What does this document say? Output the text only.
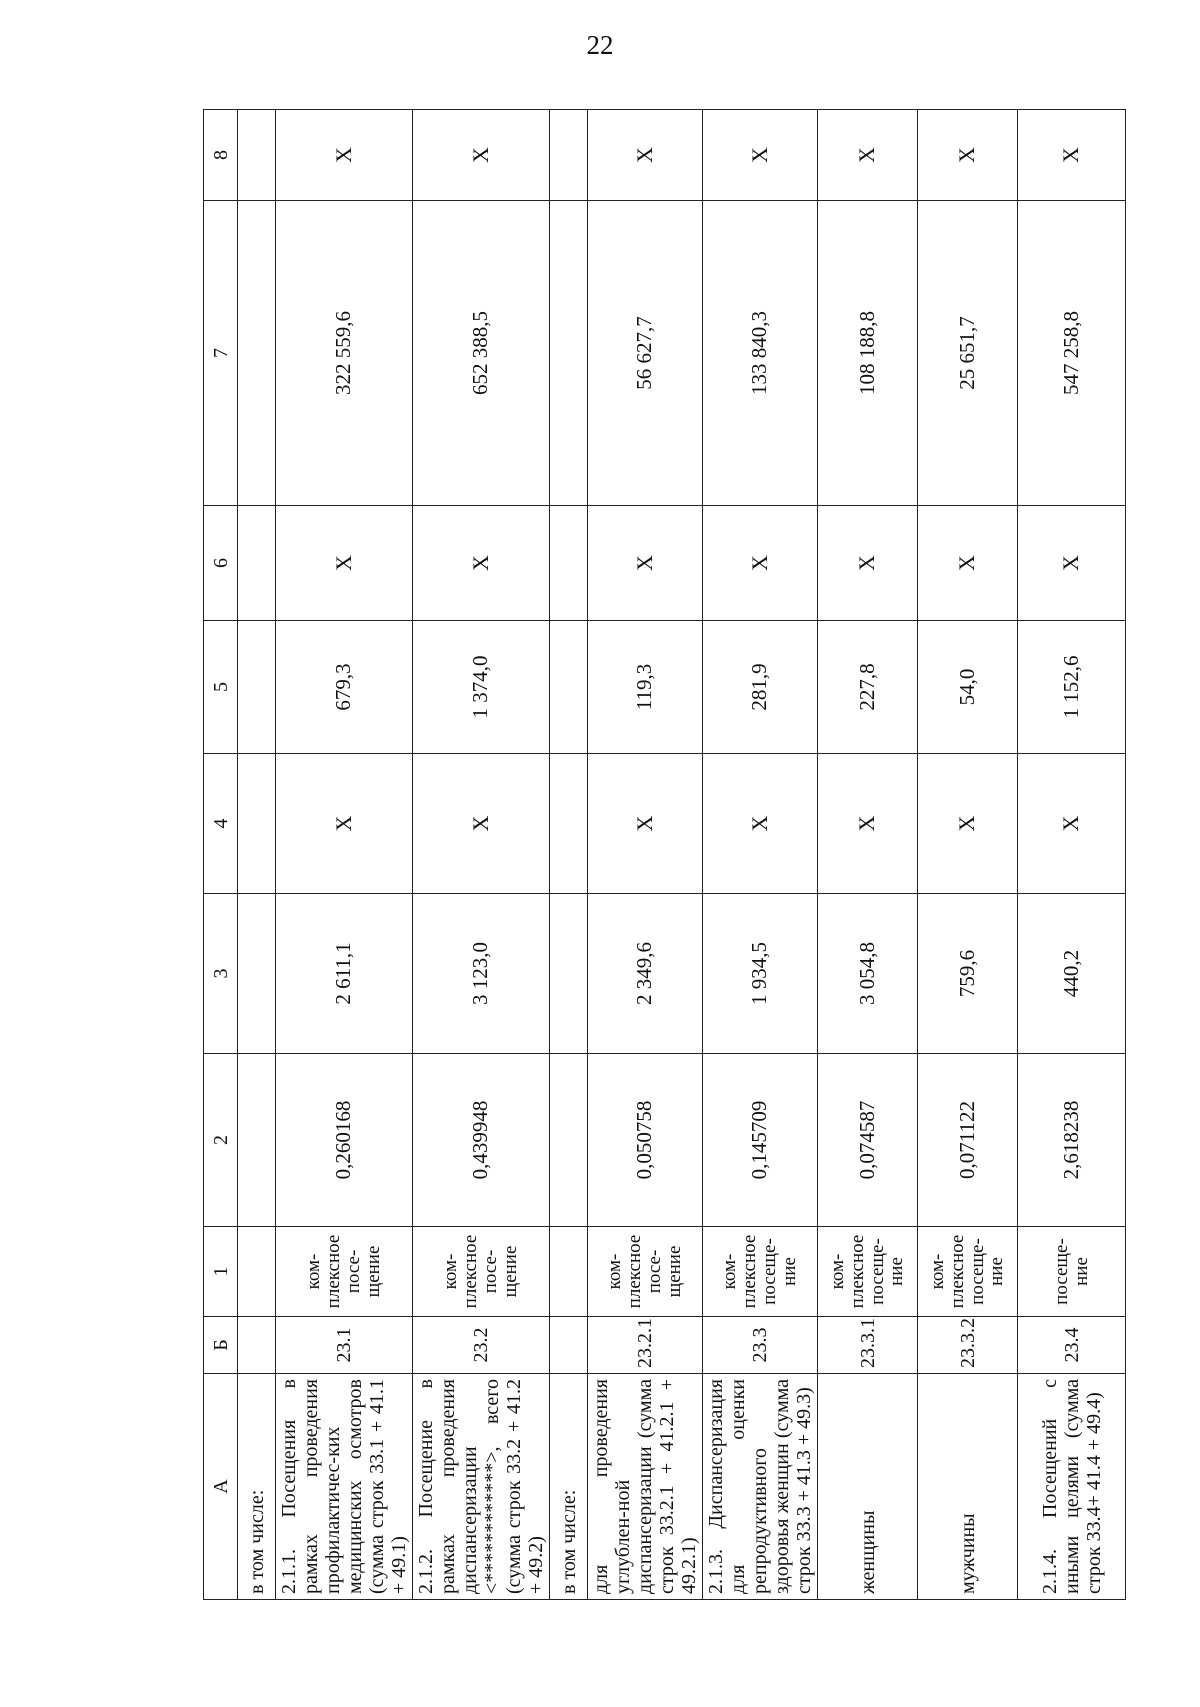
22
А	Б	1	2	3	4	5	6	7	8
в том числе:									
2.1.1. Посещения в рамках проведения профилактичес-ких медицинских осмотров (сумма строк 33.1 + 41.1 + 49.1)	23.1	ком-плексное посе-щение	0,260168	2 611,1	X	679,3	X	322 559,6	X
2.1.2. Посещение в рамках проведения диспансеризации <************>, всего (сумма строк 33.2 + 41.2 + 49.2)	23.2	ком-плексное посе-щение	0,439948	3 123,0	X	1 374,0	X	652 388,5	X
в том числе:									
для проведения углублен-ной диспансеризации (сумма строк 33.2.1 + 41.2.1 + 49.2.1)	23.2.1	ком-плексное посе-щение	0,050758	2 349,6	X	119,3	X	56 627,7	X
2.1.3. Диспансеризация для оценки репродуктивного здоровья женщин (сумма строк 33.3 + 41.3 + 49.3)	23.3	ком-плексное посеще-ние	0,145709	1 934,5	X	281,9	X	133 840,3	X
женщины	23.3.1	ком-плексное посеще-ние	0,074587	3 054,8	X	227,8	X	108 188,8	X
мужчины	23.3.2	ком-плексное посеще-ние	0,071122	759,6	X	54,0	X	25 651,7	X
2.1.4. Посещений с иными целями (сумма строк 33.4+ 41.4 + 49.4)	23.4	посеще-ние	2,618238	440,2	X	1 152,6	X	547 258,8	X
